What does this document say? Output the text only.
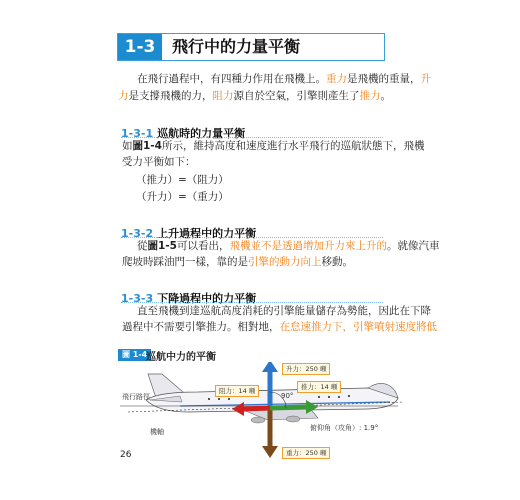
1-3	飛行中的力量平衡
在飛行過程中，有四種力作用在飛機上。重力是飛機的重量，升
力是支撐飛機的力，阻力源自於空氣，引擎則產生了推力。
1-3-1 巡航時的力量平衡
如圖1-4所示，維持高度和速度進行水平飛行的巡航狀態下，飛機
受力平衡如下：
（推力）=（阻力）
（升力）=（重力）
1-3-2 上升過程中的力平衡
從圖1-5可以看出，飛機並不是透過增加升力來上升的。就像汽車
爬坡時踩油門一樣，靠的是引擎的動力向上移動。
1-3-3 下降過程中的力平衡
直至飛機到達巡航高度消耗的引擎能量儲存為勢能，因此在下降
過程中不需要引擎推力。相對地，在怠速推力下，引擎噴射速度將低
圖 1-4
巡航中力的平衡
升力：250 噸
推力：14 噸
阻力：14 噸
重力：250 噸
90°
飛行路徑
機軸	俯仰角（攻角）: 1.9°
26
